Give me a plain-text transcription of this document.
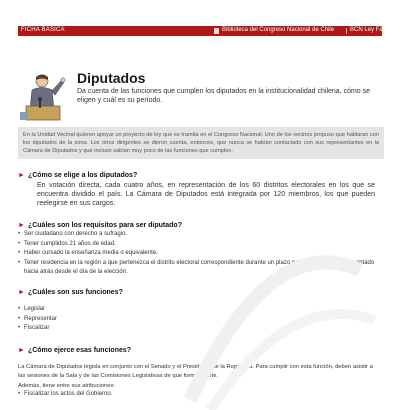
FICHA BÁSICA	Biblioteca del Congreso Nacional de Chile	BCN Ley Fácil
Diputados
Da cuenta de las funciones que cumplen los diputados en la institucionalidad chilena, cómo se eligen y cuál es su período.
En la Unidad Vecinal quieren apoyar un proyecto de ley que se tramita en el Congreso Nacional. Uno de los vecinos propuso que hablaran con los diputados de la zona. Los otros dirigentes se dieron cuenta, entonces, que nunca se habían contactado con sus representantes en la Cámara de Diputados y que incluso sabían muy poco de las funciones que cumplen.
► ¿Cómo se elige a los diputados?
En votación directa, cada cuatro años, en representación de los 60 distritos electorales en los que se encuentra dividido el país. La Cámara de Diputados está integrada por 120 miembros, los que pueden reelegirse en sus cargos.
► ¿Cuáles son los requisitos para ser diputado?
• Ser ciudadano con derecho a sufragio.
• Tener cumplidos 21 años de edad.
• Haber cursado la enseñanza media o equivalente.
• Tener residencia en la región a que pertenezca el distrito electoral correspondiente durante un plazo no inferior a dos años, contado hacia atrás desde el día de la elección.
► ¿Cuáles son sus funciones?
• Legislar
• Representar
• Fiscalizar
► ¿Cómo ejerce esas funciones?
La Cámara de Diputados legisla en conjunto con el Senado y el Presidente de la República. Para cumplir con esta función, deben asistir a las sesiones de la Sala y de las Comisiones Legislativas de que formen parte.
Además, tiene entre sus atribuciones:
• Fiscalizar los actos del Gobierno.
